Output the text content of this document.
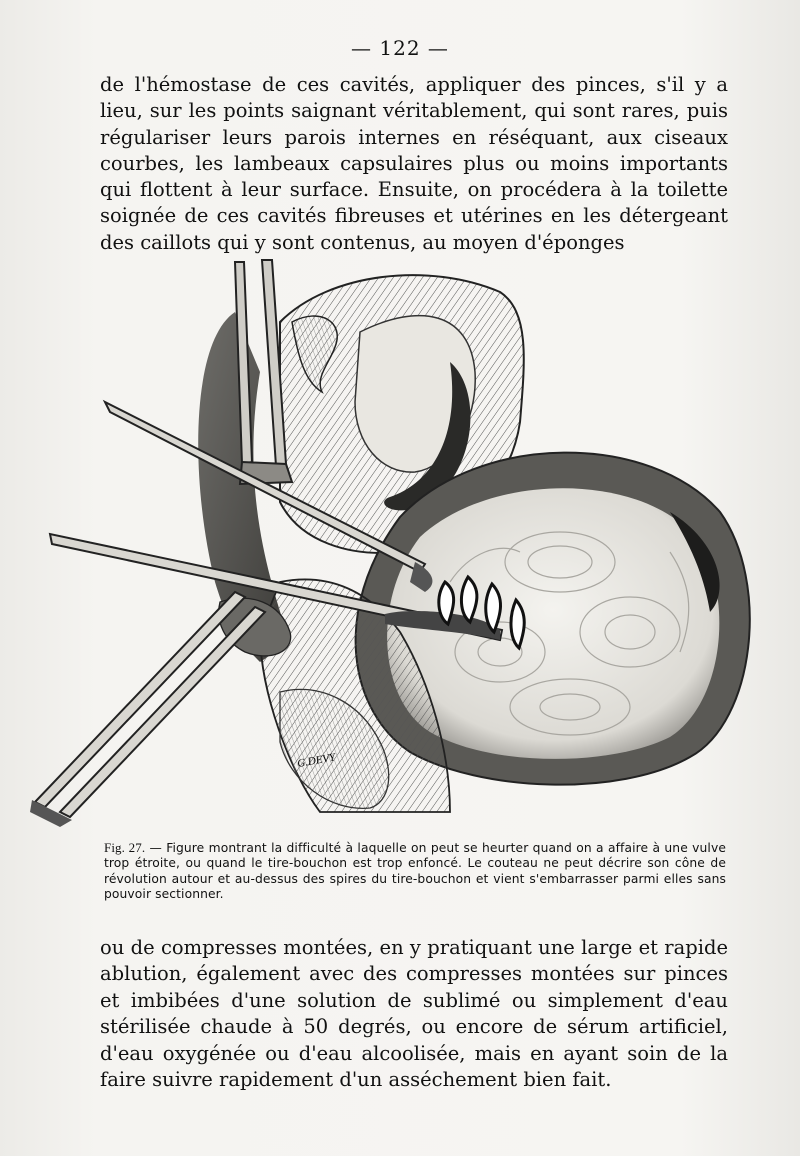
— 122 —
de l'hémostase de ces cavités, appliquer des pinces, s'il y a lieu, sur les points saignant véritablement, qui sont rares, puis régulariser leurs parois internes en réséquant, aux ciseaux courbes, les lambeaux capsulaires plus ou moins importants qui flottent à leur surface. Ensuite, on procédera à la toilette soignée de ces cavités fibreuses et utérines en les détergeant des caillots qui y sont contenus, au moyen d'éponges
G.DEVY
Fig. 27. — Figure montrant la difficulté à laquelle on peut se heurter quand on a affaire à une vulve trop étroite, ou quand le tire-bouchon est trop enfoncé. Le couteau ne peut décrire son cône de révolution autour et au-dessus des spires du tire-bouchon et vient s'embarrasser parmi elles sans pouvoir sectionner.
ou de compresses montées, en y pratiquant une large et rapide ablution, également avec des compresses montées sur pinces et imbibées d'une solution de sublimé ou simplement d'eau stérilisée chaude à 50 degrés, ou encore de sérum artificiel, d'eau oxygénée ou d'eau alcoolisée, mais en ayant soin de la faire suivre rapidement d'un asséchement bien fait.
